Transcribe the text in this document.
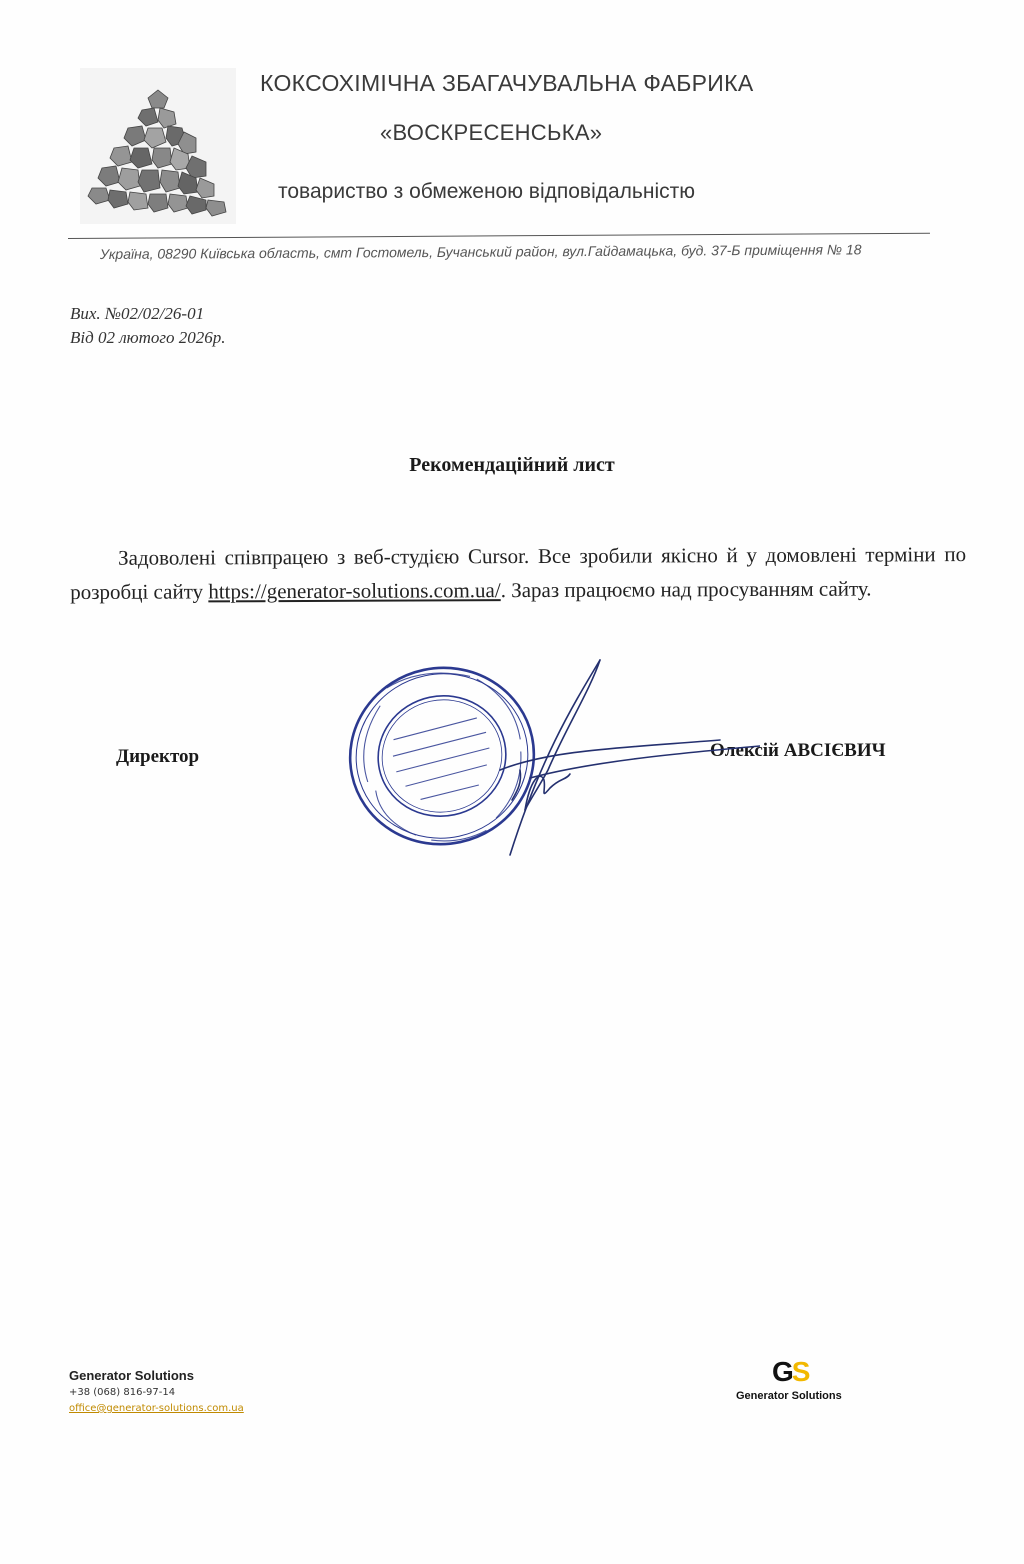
КОКСОХІМІЧНА ЗБАГАЧУВАЛЬНА ФАБРИКА
«ВОСКРЕСЕНСЬКА»
товариство з обмеженою відповідальністю
Україна, 08290 Київська область, смт Гостомель, Бучанський район, вул.Гайдамацька, буд. 37-Б приміщення № 18
Вих. №02/02/26-01
Від 02 лютого 2026р.
Рекомендаційний лист
Задоволені співпрацею з веб-студією Cursor. Все зробили якісно й у домовлені терміни по розробці сайту https://generator-solutions.com.ua/. Зараз працюємо над просуванням сайту.
Директор	Олексій АВСІЄВИЧ
Generator Solutions
+38 (068) 816-97-14
office@generator-solutions.com.ua
GS
Generator Solutions
